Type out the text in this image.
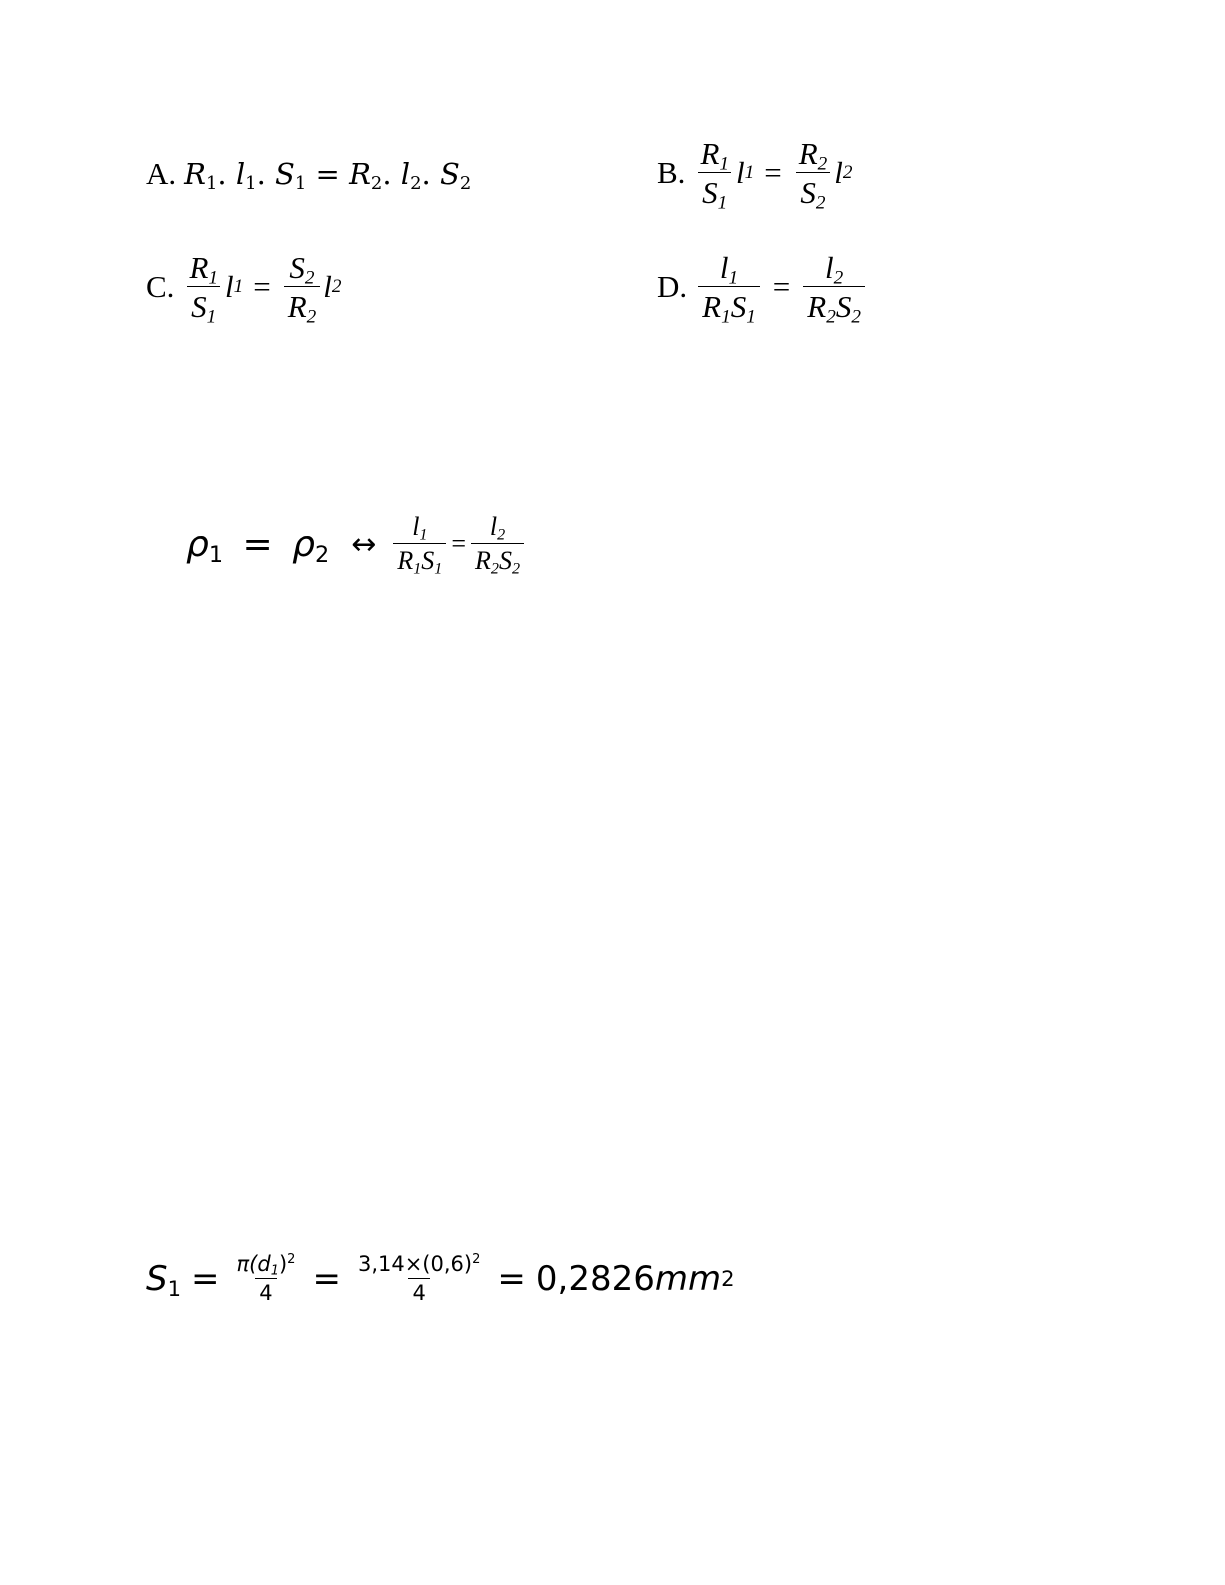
A. $R_1$. $l_1$. $S_1 = R_2$. $l_2$. $S_2$	B. $\frac{R_1}{S_1}$ l $1 = \frac{R_2}{S_2}$ l 2
C. $\frac{R_1}{S_1}$ l $1 = \frac{S_2}{R_2}$ l 2	D. $\frac{l_1}{R_1S_1} = \frac{l_2}{R_2S_2}$
$\rho_1 = \rho_2$ ↔ $\frac{l_1}{R_1S_1} = \frac{l_2}{R_2S_2}$
$S_1 = \frac{\pi(d_1)^2}{4} = \frac{3,14\times(0,6)^2}{4} = 0,2826$ mm 2
